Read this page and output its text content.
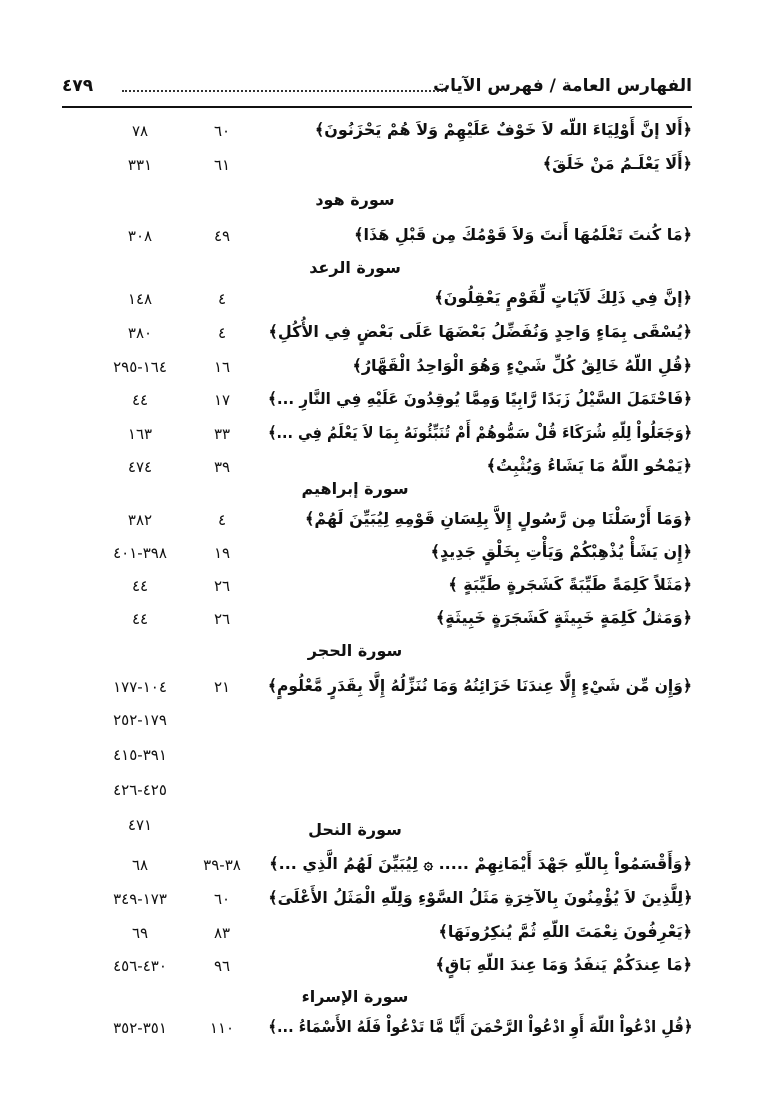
الفهارس العامة / فهرس الآيات
٤٧٩
﴿أَلا إنَّ أَوْلِيَاءَ اللّه لاَ خَوْفٌ عَلَيْهِمْ وَلاَ هُمْ يَحْزَنُونَ﴾
٦٠
٧٨
﴿أَلَا يَعْلَـمُ مَنْ خَلَقَ﴾
٦١
٣٣١
سورة هود
﴿مَا كُنتَ تَعْلَمُهَا أَنتَ وَلاَ قَوْمُكَ مِن قَبْلِ هَذَا﴾
٤٩
٣٠٨
سورة الرعد
﴿إنَّ فِي ذَلِكَ لَآيَاتٍ لِّقَوْمٍ يَعْقِلُونَ﴾
٤
١٤٨
﴿يُسْقَى بِمَاءٍ وَاحِدٍ وَنُفَضِّلُ بَعْضَهَا عَلَى بَعْضٍ فِي الأُكُلِ﴾
٤
٣٨٠
﴿قُلِ اللّهُ خَالِقُ كُلِّ شَيْءٍ وَهُوَ الْوَاحِدُ الْقَهَّارُ﴾
١٦
١٦٤-٢٩٥
﴿فَاحْتَمَلَ السَّيْلُ زَبَدًا رَّابِيًا وَمِمَّا يُوقِدُونَ عَلَيْهِ فِي النَّارِ ...﴾
١٧
٤٤
﴿وَجَعَلُواْ لِلّهِ شُرَكَاءَ قُلْ سَمُّوهُمْ أَمْ تُنَبِّئُونَهُ بِمَا لاَ يَعْلَمُ فِي ...﴾
٣٣
١٦٣
﴿يَمْحُو اللّهُ مَا يَشَاءُ وَيُثْبِتُ﴾
٣٩
٤٧٤
سورة إبراهيم
﴿وَمَا أَرْسَلْنَا مِن رَّسُولٍ إِلاَّ بِلِسَانِ قَوْمِهِ لِيُبَيِّنَ لَهُمْ﴾
٤
٣٨٢
﴿إِن يَشَأْ يُذْهِبْكُمْ وَيَأْتِ بِخَلْقٍ جَدِيدٍ﴾
١٩
٣٩٨-٤٠١
﴿مَثَلاً كَلِمَةً طَيِّبَةً كَشَجَرةٍ طَيِّبَةٍ ﴾
٢٦
٤٤
﴿وَمَثلُ كَلِمَةٍ خَبِيثَةٍ كَشَجَرَةٍ خَبِيثَةٍ﴾
٢٦
٤٤
سورة الحجر
﴿وَإِن مِّن شَيْءٍ إِلَّا عِندَنَا خَزَائِنُهُ وَمَا نُنَزِّلُهُ إِلَّا بِقَدَرٍ مَّعْلُومٍ﴾
٢١
١٠٤-١٧٧
١٧٩-٢٥٢
٣٩١-٤١٥
٤٢٥-٤٢٦
٤٧١	سورة النحل
﴿وَأَقْسَمُواْ بِاللّهِ جَهْدَ أَيْمَانِهِمْ ..... ۞ لِيُبَيِّنَ لَهُمُ الَّذِي ...﴾
٣٨-٣٩
٦٨
﴿لِلَّذِينَ لاَ يُؤْمِنُونَ بِالآخِرَةِ مَثَلُ السَّوْءِ وَلِلّهِ الْمَثَلُ الأَعْلَىَ﴾
٦٠
١٧٣-٣٤٩
﴿يَعْرِفُونَ نِعْمَتَ اللّهِ ثُمَّ يُنكِرُونَهَا﴾
٨٣
٦٩
﴿مَا عِندَكُمْ يَنفَدُ وَمَا عِندَ اللّهِ بَاقٍ﴾
٩٦
٤٣٠-٤٥٦
سورة الإسراء
﴿قُلِ ادْعُواْ اللّهَ أَوِ ادْعُواْ الرَّحْمَنَ أَيًّا مَّا تَدْعُواْ فَلَهُ الأَسْمَاءُ ...﴾
١١٠
٣٥١-٣٥٢
